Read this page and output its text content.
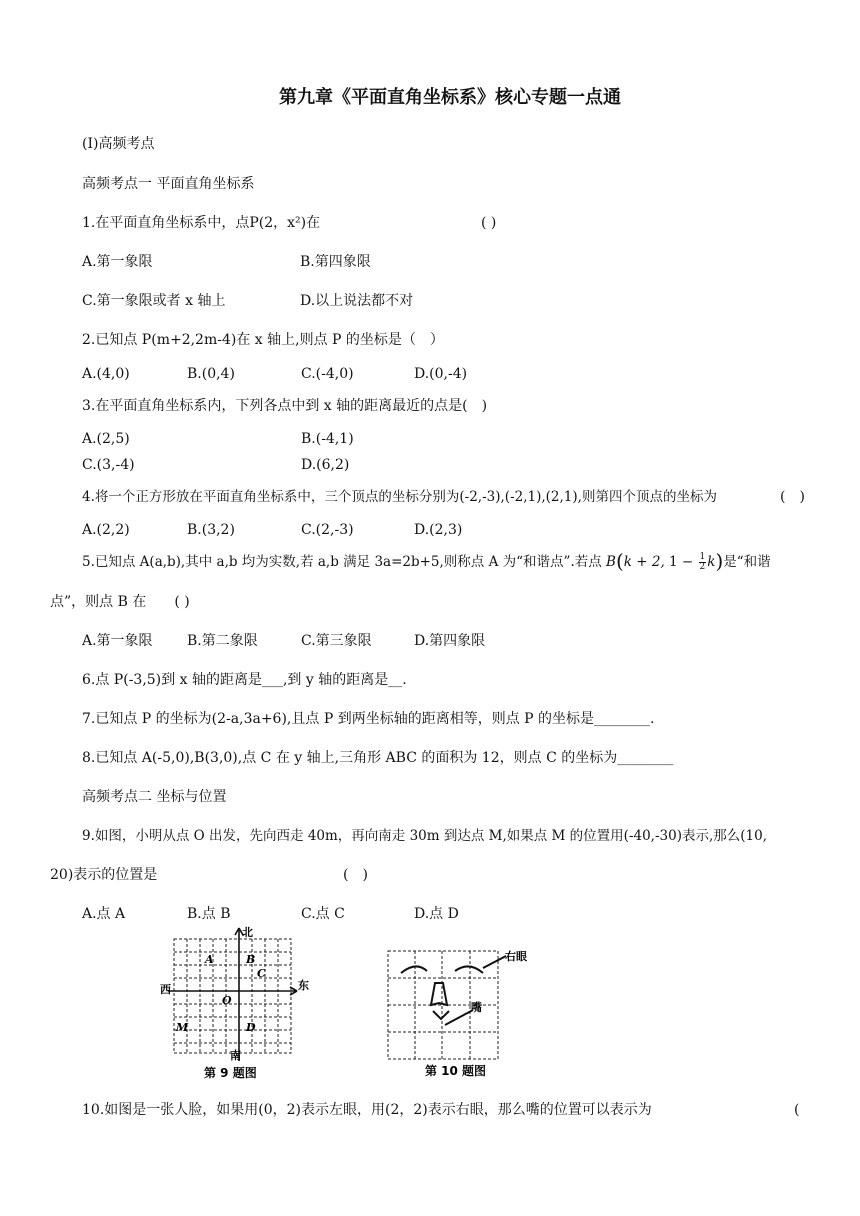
第九章《平面直角坐标系》核心专题一点通
(Ⅰ)高频考点
高频考点一 平面直角坐标系
1.在平面直角坐标系中，点P(2，x²)在	( )
A.第一象限	B.第四象限
C.第一象限或者 x 轴上	D.以上说法都不对
2.已知点 P(m+2,2m-4)在 x 轴上,则点 P 的坐标是（　）
A.(4,0)	B.(0,4)	C.(-4,0)	D.(0,-4)
3.在平面直角坐标系内，下列各点中到 x 轴的距离最近的点是(　)
A.(2,5)	B.(-4,1)
C.(3,-4)	D.(6,2)
4.将一个正方形放在平面直角坐标系中，三个顶点的坐标分别为(-2,-3),(-2,1),(2,1),则第四个顶点的坐标为	(　)
A.(2,2)	B.(3,2)	C.(2,-3)	D.(2,3)
5.已知点 A(a,b),其中 a,b 均为实数,若 a,b 满足 3a=2b+5,则称点 A 为“和谐点”.若点 B(k + 2, $1 - \frac{1}{2} k$)是“和谐
点”，则点 B 在　　( )
A.第一象限 B.第二象限	C.第三象限	D.第四象限
6.点 P(-3,5)到 x 轴的距离是___,到 y 轴的距离是__.
7.已知点 P 的坐标为(2-a,3a+6),且点 P 到两坐标轴的距离相等，则点 P 的坐标是________.
8.已知点 A(-5,0),B(3,0),点 C 在 y 轴上,三角形 ABC 的面积为 12，则点 C 的坐标为________
高频考点二 坐标与位置
9.如图，小明从点 O 出发，先向西走 40m，再向南走 30m 到达点 M,如果点 M 的位置用(-40,-30)表示,那么(10,
20)表示的位置是	(　)
A.点 A	B.点 B	C.点 C	D.点 D
北
南
西	东
A	B
C
O
M	D
第 9 题图
右眼
嘴
第 10 题图
10.如图是一张人脸，如果用(0，2)表示左眼，用(2，2)表示右眼，那么嘴的位置可以表示为	(
